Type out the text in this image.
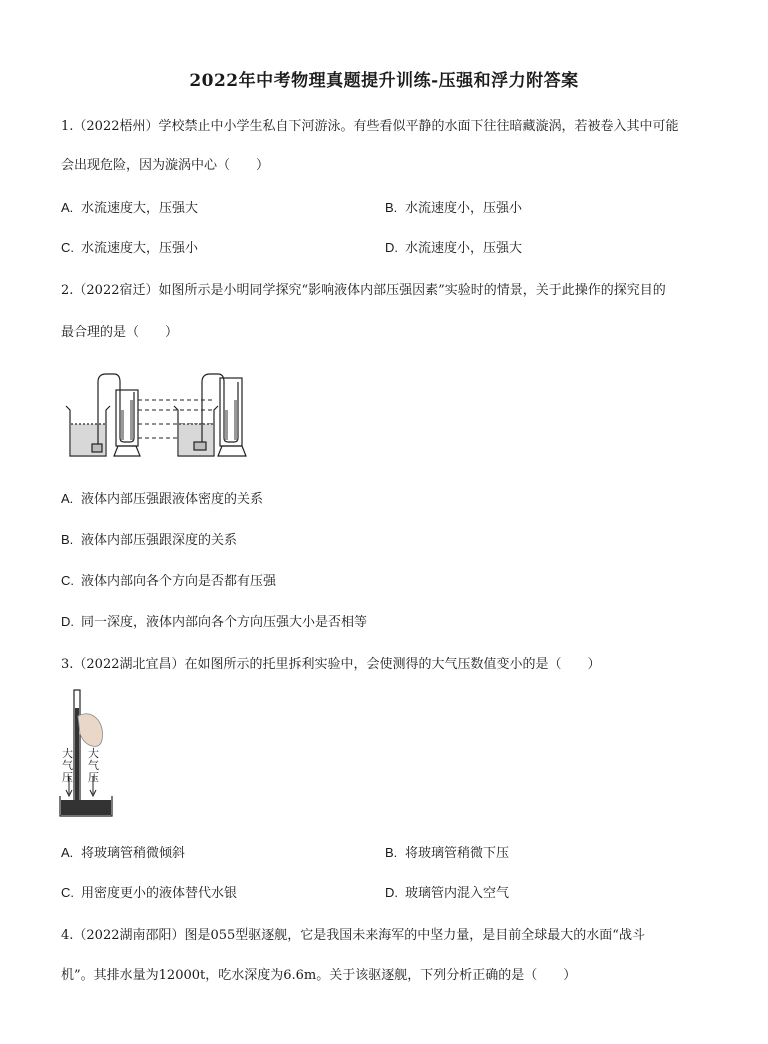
2022年中考物理真题提升训练-压强和浮力附答案
1.（2022梧州）学校禁止中小学生私自下河游泳。有些看似平静的水面下往往暗藏漩涡，若被卷入其中可能
会出现危险，因为漩涡中心（　　）
A. 水流速度大，压强大	B. 水流速度小，压强小
C. 水流速度大，压强小	D. 水流速度小，压强大
2.（2022宿迁）如图所示是小明同学探究“影响液体内部压强因素”实验时的情景，关于此操作的探究目的
最合理的是（　　）
A. 液体内部压强跟液体密度的关系
B. 液体内部压强跟深度的关系
C. 液体内部向各个方向是否都有压强
D. 同一深度，液体内部向各个方向压强大小是否相等
3.（2022湖北宜昌）在如图所示的托里拆利实验中，会使测得的大气压数值变小的是（　　）
大气压
大气压
A. 将玻璃管稍微倾斜	B. 将玻璃管稍微下压
C. 用密度更小的液体替代水银	D. 玻璃管内混入空气
4.（2022湖南邵阳）图是055型驱逐舰，它是我国未来海军的中坚力量，是目前全球最大的水面“战斗
机”。其排水量为12000t，吃水深度为6.6m。关于该驱逐舰，下列分析正确的是（　　）
